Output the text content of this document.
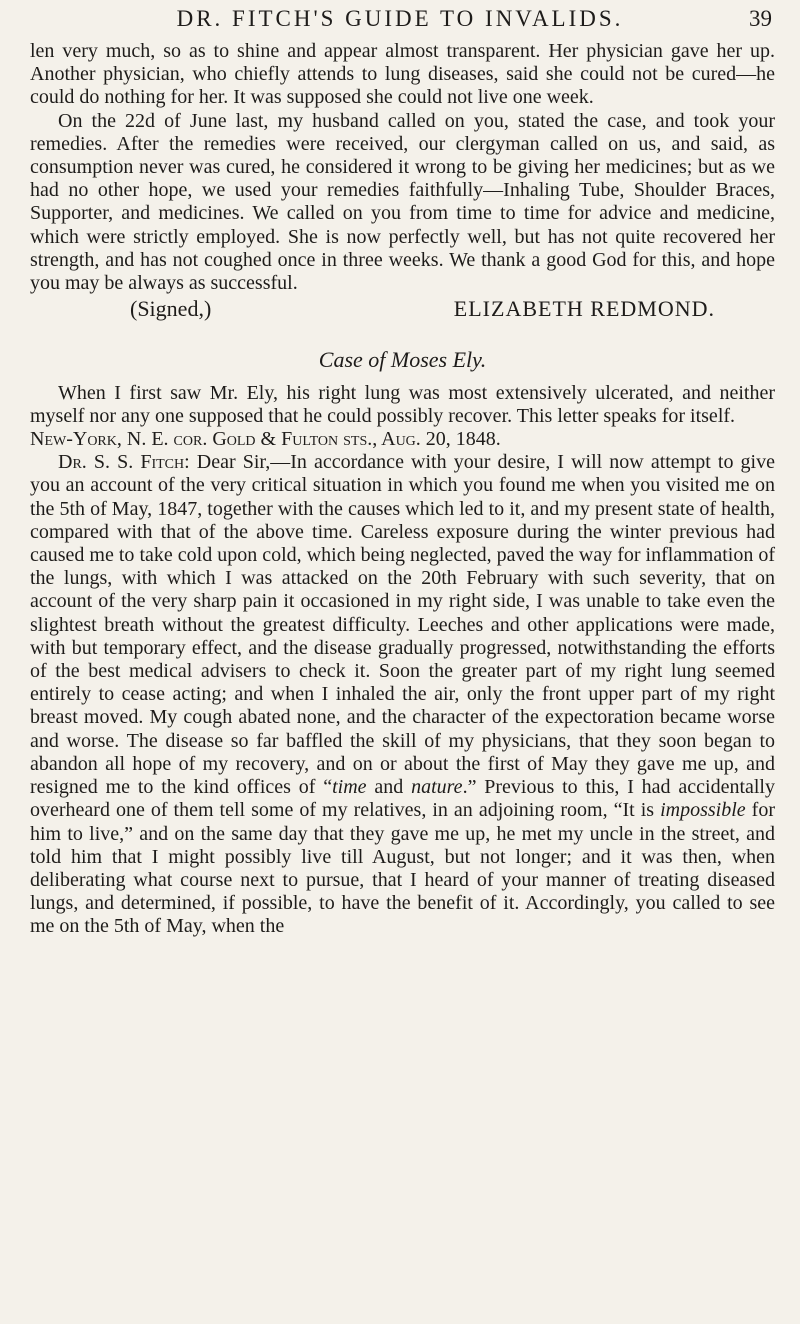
DR. FITCH'S GUIDE TO INVALIDS.	39

len very much, so as to shine and appear almost transparent. Her physician gave her up. Another physician, who chiefly attends to lung diseases, said she could not be cured—he could do nothing for her. It was supposed she could not live one week.

On the 22d of June last, my husband called on you, stated the case, and took your remedies. After the remedies were received, our clergyman called on us, and said, as consumption never was cured, he considered it wrong to be giving her medicines; but as we had no other hope, we used your remedies faithfully—Inhaling Tube, Shoulder Braces, Supporter, and medicines. We called on you from time to time for advice and medicine, which were strictly employed. She is now perfectly well, but has not quite recovered her strength, and has not coughed once in three weeks. We thank a good God for this, and hope you may be always as successful.

(Signed,)	ELIZABETH REDMOND.
Case of Moses Ely.

When I first saw Mr. Ely, his right lung was most extensively ulcerated, and neither myself nor any one supposed that he could possibly recover. This letter speaks for itself.

New-York, N. E. cor. Gold & Fulton sts., Aug. 20, 1848.

Dr. S. S. Fitch: Dear Sir,—In accordance with your desire, I will now attempt to give you an account of the very critical situation in which you found me when you visited me on the 5th of May, 1847, together with the causes which led to it, and my present state of health, compared with that of the above time. Careless exposure during the winter previous had caused me to take cold upon cold, which being neglected, paved the way for inflammation of the lungs, with which I was attacked on the 20th February with such severity, that on account of the very sharp pain it occasioned in my right side, I was unable to take even the slightest breath without the greatest difficulty. Leeches and other applications were made, with but temporary effect, and the disease gradually progressed, notwithstanding the efforts of the best medical advisers to check it. Soon the greater part of my right lung seemed entirely to cease acting; and when I inhaled the air, only the front upper part of my right breast moved. My cough abated none, and the character of the expectoration became worse and worse. The disease so far baffled the skill of my physicians, that they soon began to abandon all hope of my recovery, and on or about the first of May they gave me up, and resigned me to the kind offices of “time and nature.” Previous to this, I had accidentally overheard one of them tell some of my relatives, in an adjoining room, “It is impossible for him to live,” and on the same day that they gave me up, he met my uncle in the street, and told him that I might possibly live till August, but not longer; and it was then, when deliberating what course next to pursue, that I heard of your manner of treating diseased lungs, and determined, if possible, to have the benefit of it. Accordingly, you called to see me on the 5th of May, when the
